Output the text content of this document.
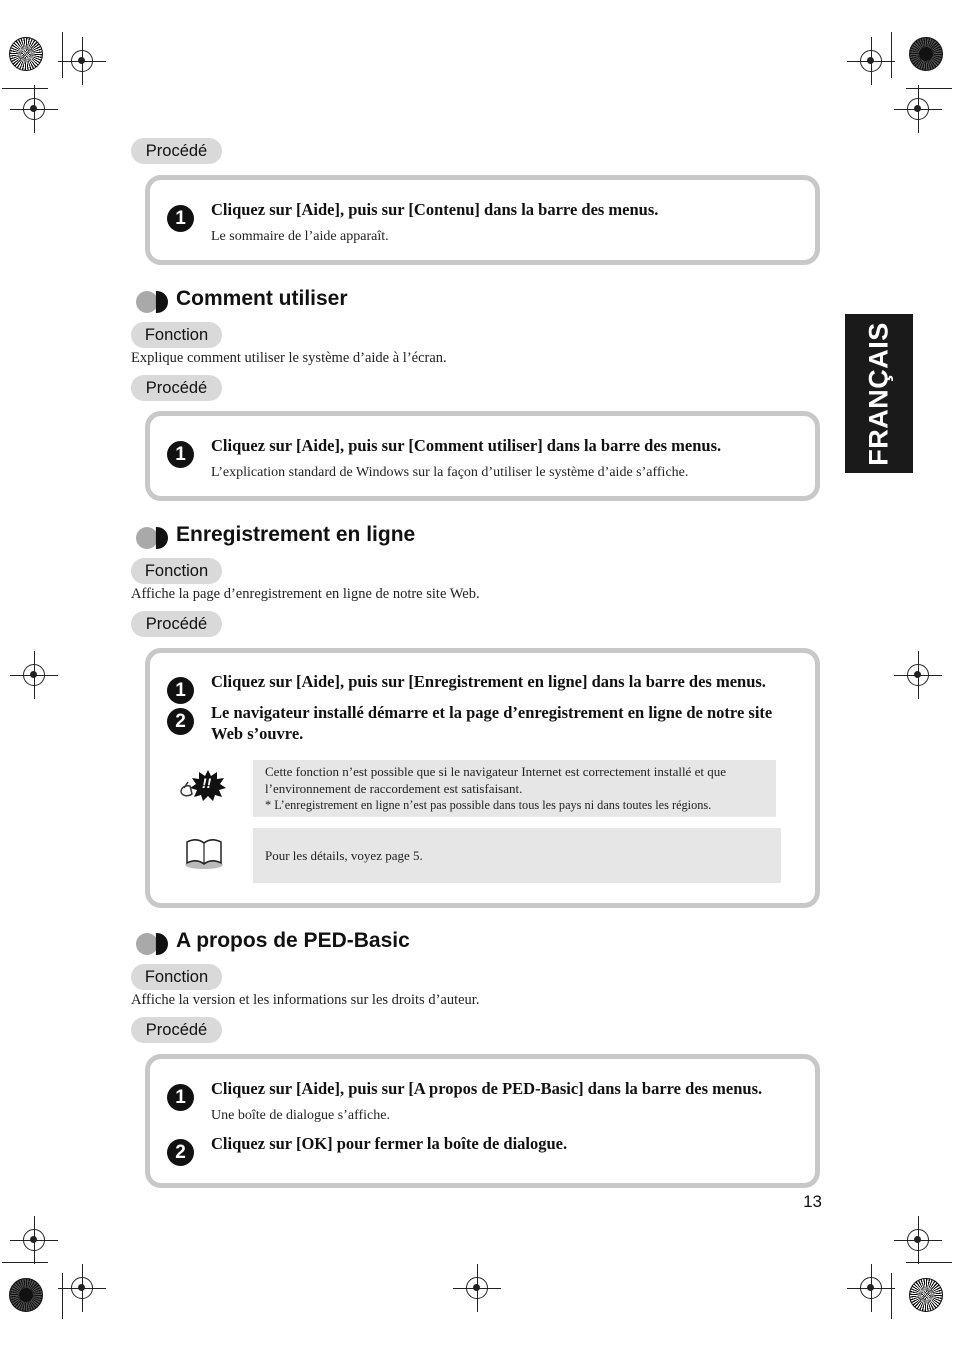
FRANÇAIS
Procédé
1	Cliquez sur [Aide], puis sur [Contenu] dans la barre des menus.
Le sommaire de l’aide apparaît.
Comment utiliser
Fonction
Explique comment utiliser le système d’aide à l’écran.
Procédé
1	Cliquez sur [Aide], puis sur [Comment utiliser] dans la barre des menus.
L’explication standard de Windows sur la façon d’utiliser le système d’aide s’affiche.
Enregistrement en ligne
Fonction
Affiche la page d’enregistrement en ligne de notre site Web.
Procédé
1	Cliquez sur [Aide], puis sur [Enregistrement en ligne] dans la barre des menus.
2	Le navigateur installé démarre et la page d’enregistrement en ligne de notre site Web s’ouvre.
!!
Cette fonction n’est possible que si le navigateur Internet est correctement installé et que l’environnement de raccordement est satisfaisant.
* L’enregistrement en ligne n’est pas possible dans tous les pays ni dans toutes les régions.
Pour les détails, voyez page 5.
A propos de PED-Basic
Fonction
Affiche la version et les informations sur les droits d’auteur.
Procédé
1	Cliquez sur [Aide], puis sur [A propos de PED-Basic] dans la barre des menus.
Une boîte de dialogue s’affiche.
2	Cliquez sur [OK] pour fermer la boîte de dialogue.
13
